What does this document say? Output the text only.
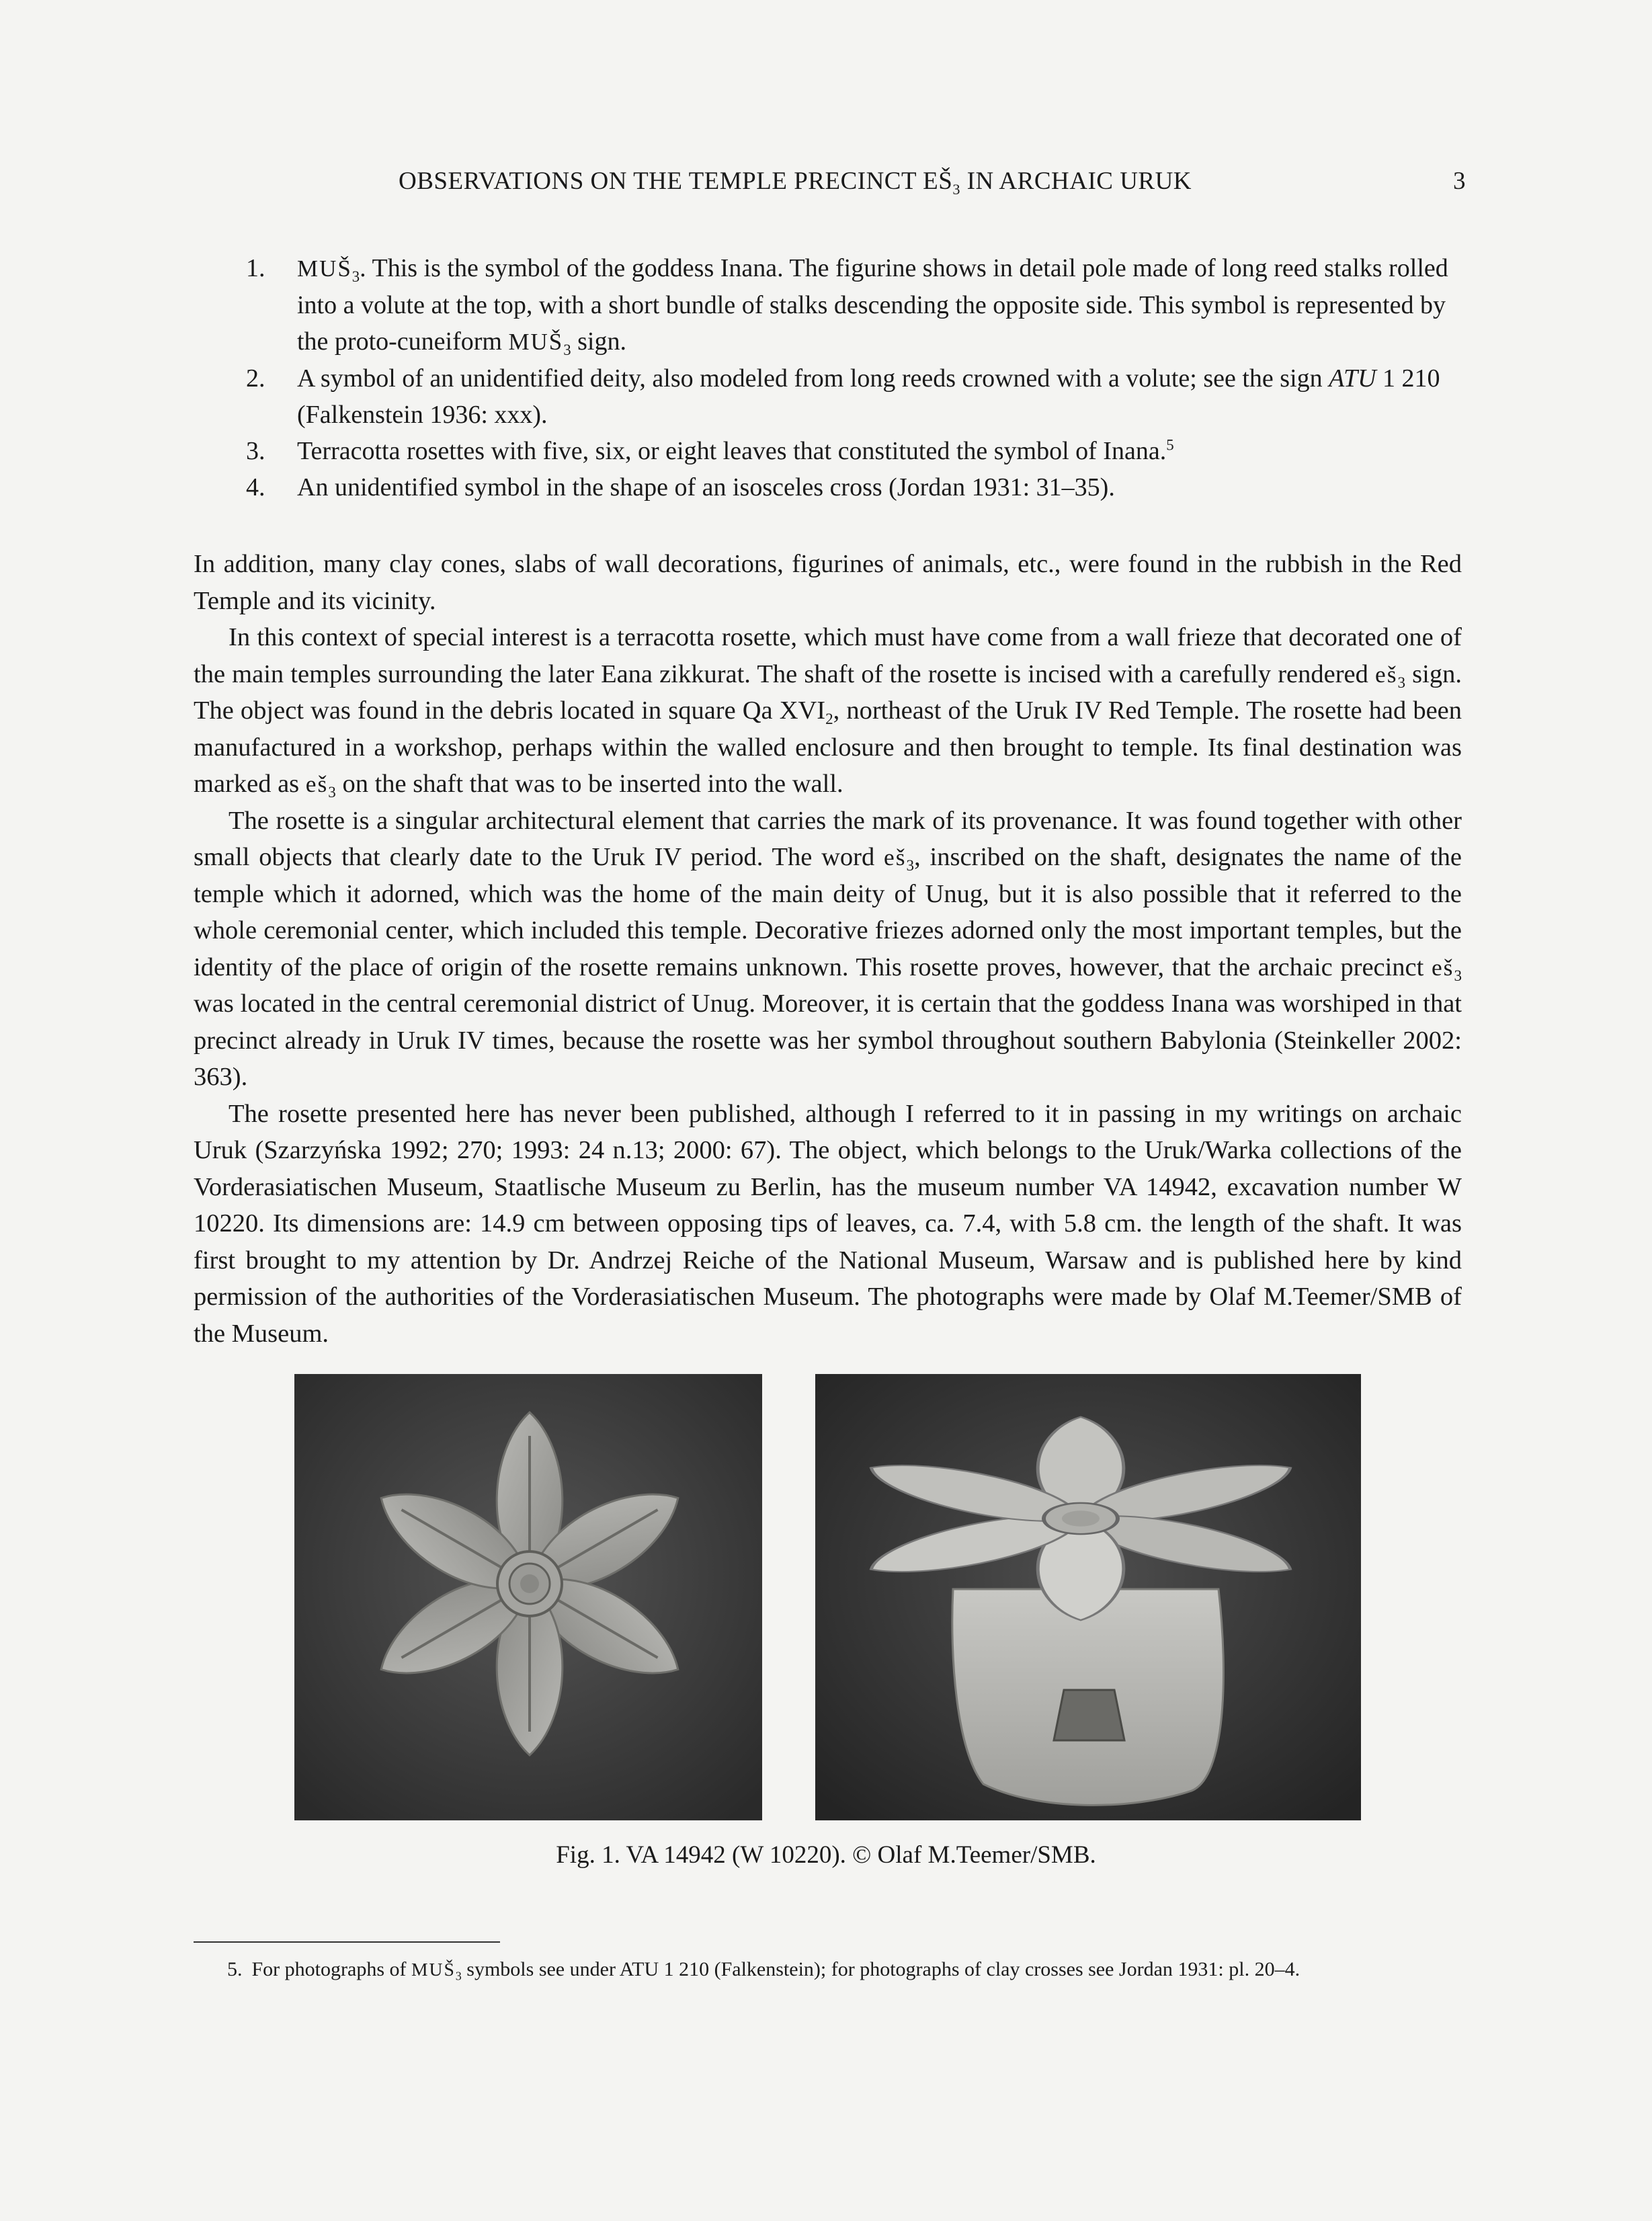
OBSERVATIONS ON THE TEMPLE PRECINCT $EŠ_3$ IN ARCHAIC URUK	3
1. $MUŠ_3$. This is the symbol of the goddess Inana. The figurine shows in detail pole made of long reed stalks rolled into a volute at the top, with a short bundle of stalks descending the opposite side. This symbol is represented by the proto-cuneiform $MUŠ_3$ sign.
2. A symbol of an unidentified deity, also modeled from long reeds crowned with a volute; see the sign ATU 1 210 (Falkenstein 1936: xxx).
3. Terracotta rosettes with five, six, or eight leaves that constituted the symbol of Inana.$^5$
4. An unidentified symbol in the shape of an isosceles cross (Jordan 1931: 31–35).

In addition, many clay cones, slabs of wall decorations, figurines of animals, etc., were found in the rubbish in the Red Temple and its vicinity.

In this context of special interest is a terracotta rosette, which must have come from a wall frieze that decorated one of the main temples surrounding the later Eana zikkurat. The shaft of the rosette is incised with a carefully rendered $eš_3$ sign. The object was found in the debris located in square Qa $XVI_2$, northeast of the Uruk IV Red Temple. The rosette had been manufactured in a workshop, perhaps within the walled enclosure and then brought to temple. Its final destination was marked as $eš_3$ on the shaft that was to be inserted into the wall.

The rosette is a singular architectural element that carries the mark of its provenance. It was found together with other small objects that clearly date to the Uruk IV period. The word $eš_3$, inscribed on the shaft, designates the name of the temple which it adorned, which was the home of the main deity of Unug, but it is also possible that it referred to the whole ceremonial center, which included this temple. Decorative friezes adorned only the most important temples, but the identity of the place of origin of the rosette remains unknown. This rosette proves, however, that the archaic precinct $eš_3$ was located in the central ceremonial district of Unug. Moreover, it is certain that the goddess Inana was worshiped in that precinct already in Uruk IV times, because the rosette was her symbol throughout southern Babylonia (Steinkeller 2002: 363).

The rosette presented here has never been published, although I referred to it in passing in my writings on archaic Uruk (Szarzyńska 1992; 270; 1993: 24 n.13; 2000: 67). The object, which belongs to the Uruk/Warka collections of the Vorderasiatischen Museum, Staatlische Museum zu Berlin, has the museum number VA 14942, excavation number W 10220. Its dimensions are: 14.9 cm between opposing tips of leaves, ca. 7.4, with 5.8 cm. the length of the shaft. It was first brought to my attention by Dr. Andrzej Reiche of the National Museum, Warsaw and is published here by kind permission of the authorities of the Vorderasiatischen Museum. The photographs were made by Olaf M.Teemer/SMB of the Museum.

Fig. 1. VA 14942 (W 10220). © Olaf M.Teemer/SMB.
5. For photographs of $MUŠ_3$ symbols see under ATU 1 210 (Falkenstein); for photographs of clay crosses see Jordan 1931: pl. 20–4.
